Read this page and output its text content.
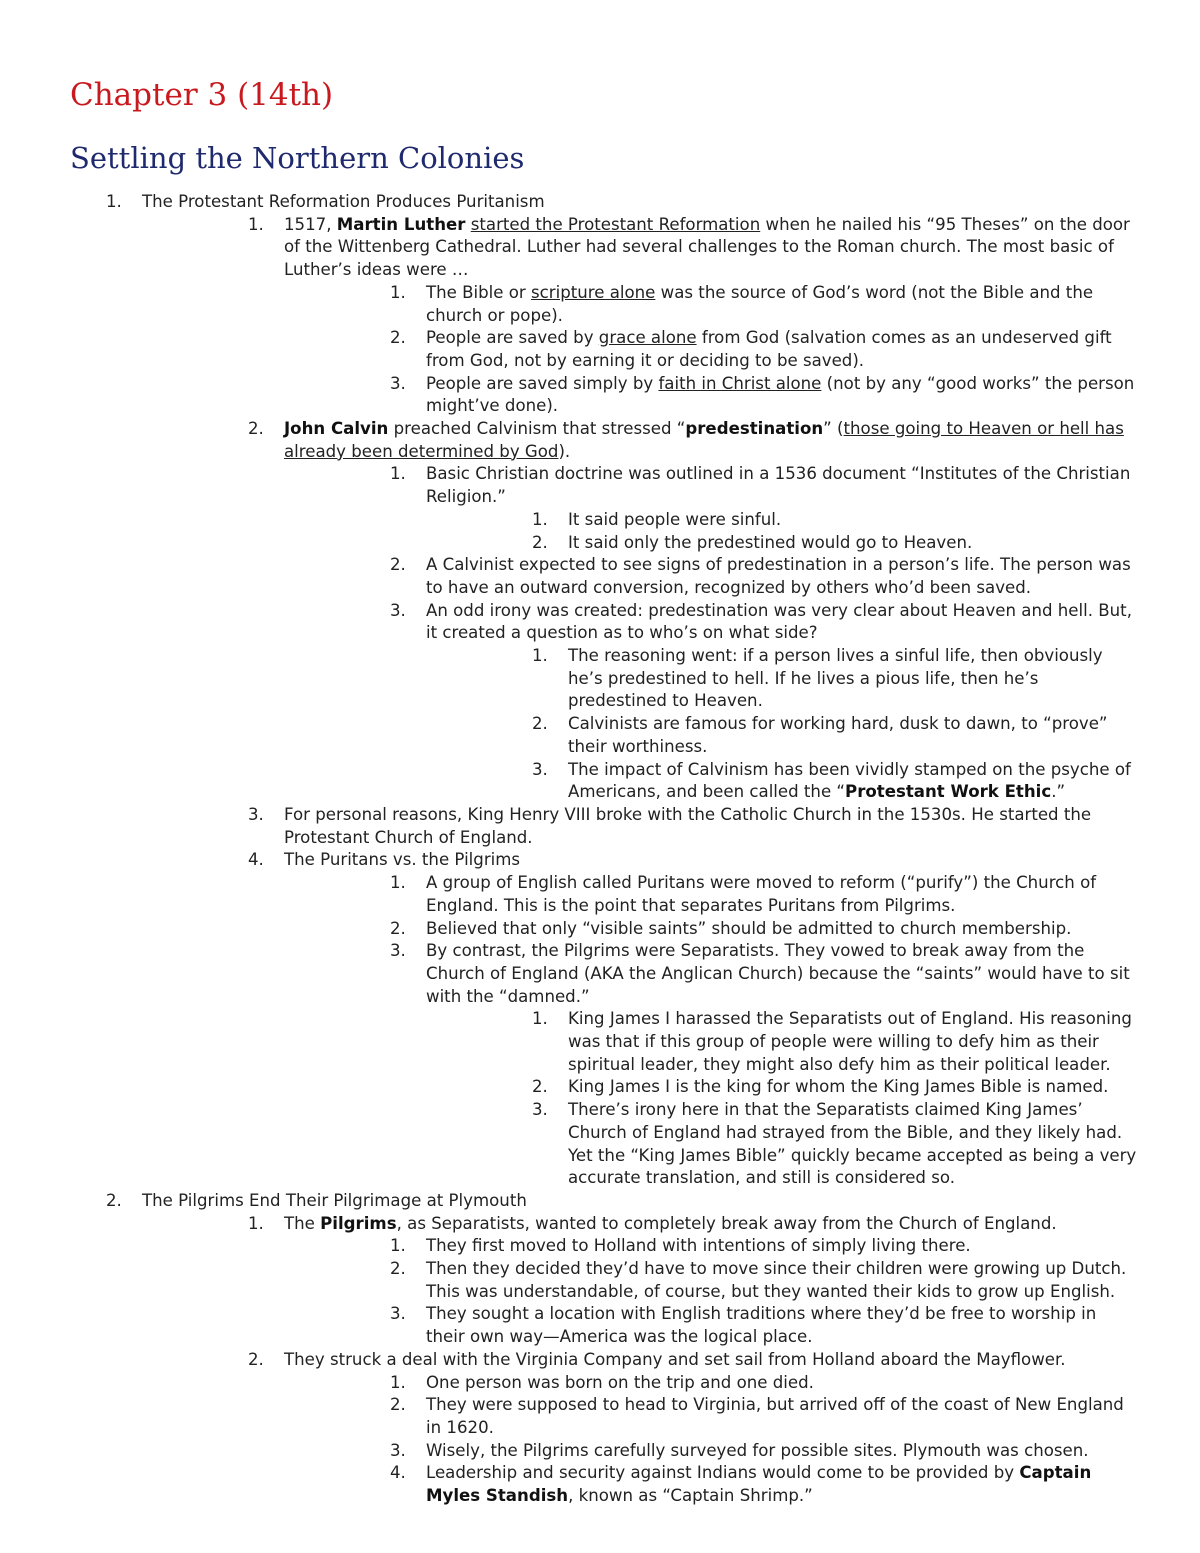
Chapter 3 (14th)
Settling the Northern Colonies
1. The Protestant Reformation Produces Puritanism
1. 1517, Martin Luther started the Protestant Reformation when he nailed his “95 Theses” on the door of the Wittenberg Cathedral. Luther had several challenges to the Roman church. The most basic of Luther’s ideas were …
1. The Bible or scripture alone was the source of God’s word (not the Bible and the church or pope).
2. People are saved by grace alone from God (salvation comes as an undeserved gift from God, not by earning it or deciding to be saved).
3. People are saved simply by faith in Christ alone (not by any “good works” the person might’ve done).
2. John Calvin preached Calvinism that stressed “predestination” (those going to Heaven or hell has already been determined by God).
1. Basic Christian doctrine was outlined in a 1536 document “Institutes of the Christian Religion.”
1. It said people were sinful.
2. It said only the predestined would go to Heaven.
2. A Calvinist expected to see signs of predestination in a person’s life. The person was to have an outward conversion, recognized by others who’d been saved.
3. An odd irony was created: predestination was very clear about Heaven and hell. But, it created a question as to who’s on what side?
1. The reasoning went: if a person lives a sinful life, then obviously he’s predestined to hell. If he lives a pious life, then he’s predestined to Heaven.
2. Calvinists are famous for working hard, dusk to dawn, to “prove” their worthiness.
3. The impact of Calvinism has been vividly stamped on the psyche of Americans, and been called the “Protestant Work Ethic.”
3. For personal reasons, King Henry VIII broke with the Catholic Church in the 1530s. He started the Protestant Church of England.
4. The Puritans vs. the Pilgrims
1. A group of English called Puritans were moved to reform (“purify”) the Church of England. This is the point that separates Puritans from Pilgrims.
2. Believed that only “visible saints” should be admitted to church membership.
3. By contrast, the Pilgrims were Separatists. They vowed to break away from the Church of England (AKA the Anglican Church) because the “saints” would have to sit with the “damned.”
1. King James I harassed the Separatists out of England. His reasoning was that if this group of people were willing to defy him as their spiritual leader, they might also defy him as their political leader.
2. King James I is the king for whom the King James Bible is named.
3. There’s irony here in that the Separatists claimed King James’ Church of England had strayed from the Bible, and they likely had. Yet the “King James Bible” quickly became accepted as being a very accurate translation, and still is considered so.
2. The Pilgrims End Their Pilgrimage at Plymouth
1. The Pilgrims, as Separatists, wanted to completely break away from the Church of England.
1. They first moved to Holland with intentions of simply living there.
2. Then they decided they’d have to move since their children were growing up Dutch. This was understandable, of course, but they wanted their kids to grow up English.
3. They sought a location with English traditions where they’d be free to worship in their own way—America was the logical place.
2. They struck a deal with the Virginia Company and set sail from Holland aboard the Mayflower.
1. One person was born on the trip and one died.
2. They were supposed to head to Virginia, but arrived off of the coast of New England in 1620.
3. Wisely, the Pilgrims carefully surveyed for possible sites. Plymouth was chosen.
4. Leadership and security against Indians would come to be provided by Captain Myles Standish, known as “Captain Shrimp.”
